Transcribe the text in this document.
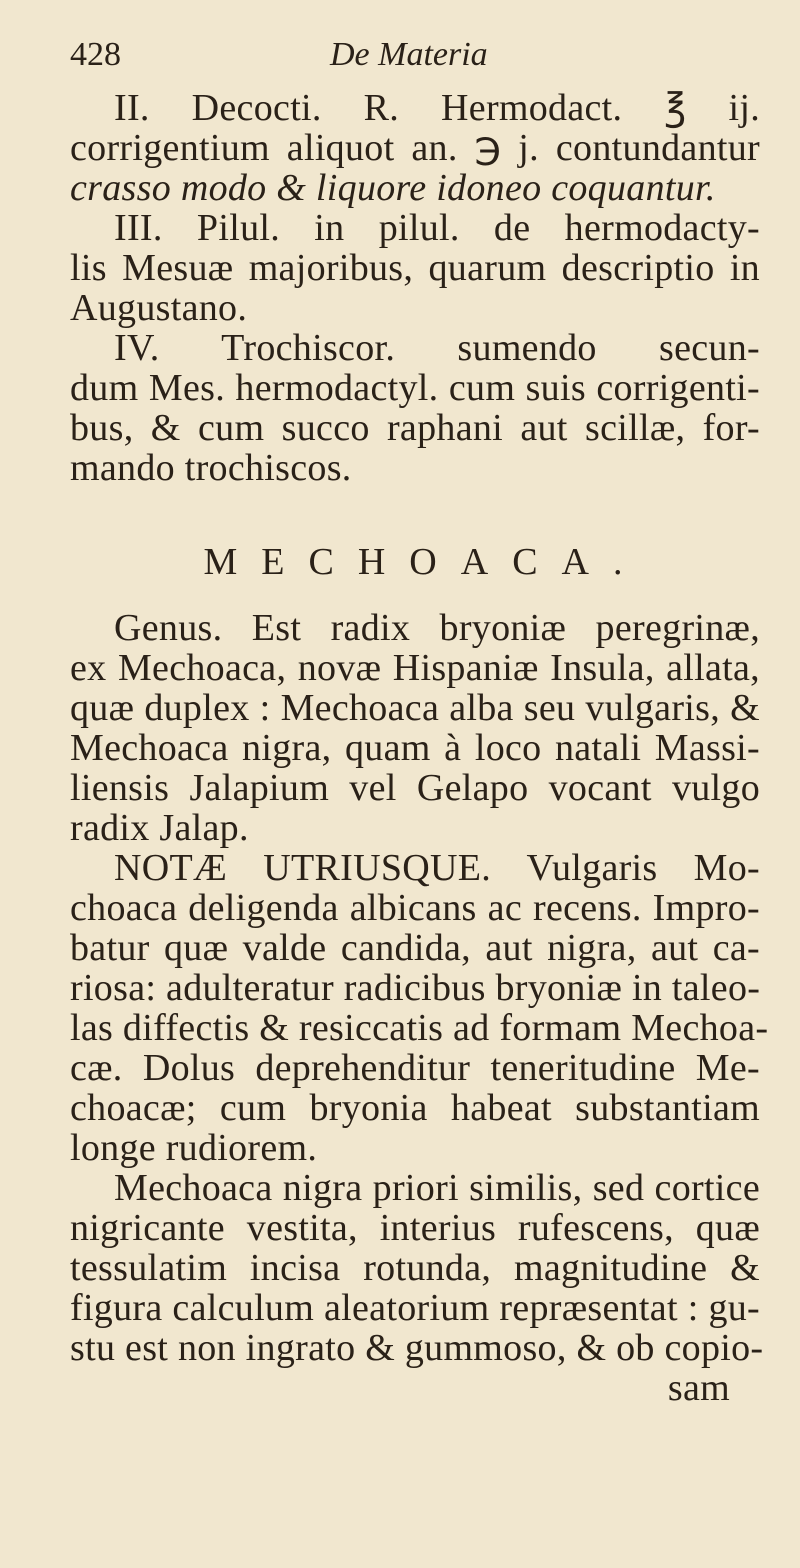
428	De Materia
II. Decocti. R. Hermodact. ℥ ij.
corrigentium aliquot an. ℈ j. contundantur
crasso modo & liquore idoneo coquantur.
III. Pilul. in pilul. de hermodacty-
lis Mesuæ majoribus, quarum descriptio in
Augustano.
IV. Trochiscor. sumendo secun-
dum Mes. hermodactyl. cum suis corrigenti-
bus, & cum succo raphani aut scillæ, for-
mando trochiscos.
MECHOACA.
Genus. Est radix bryoniæ peregrinæ,
ex Mechoaca, novæ Hispaniæ Insula, allata,
quæ duplex : Mechoaca alba seu vulgaris, &
Mechoaca nigra, quam à loco natali Massi-
liensis Jalapium vel Gelapo vocant vulgo
radix Jalap.
NOTÆ UTRIUSQUE. Vulgaris Mo-
choaca deligenda albicans ac recens. Impro-
batur quæ valde candida, aut nigra, aut ca-
riosa: adulteratur radicibus bryoniæ in taleo-
las diffectis & resiccatis ad formam Mechoa-
cæ. Dolus deprehenditur teneritudine Me-
choacæ; cum bryonia habeat substantiam
longe rudiorem.
Mechoaca nigra priori similis, sed cortice
nigricante vestita, interius rufescens, quæ
tessulatim incisa rotunda, magnitudine &
figura calculum aleatorium repræsentat : gu-
stu est non ingrato & gummoso, & ob copio-
sam
